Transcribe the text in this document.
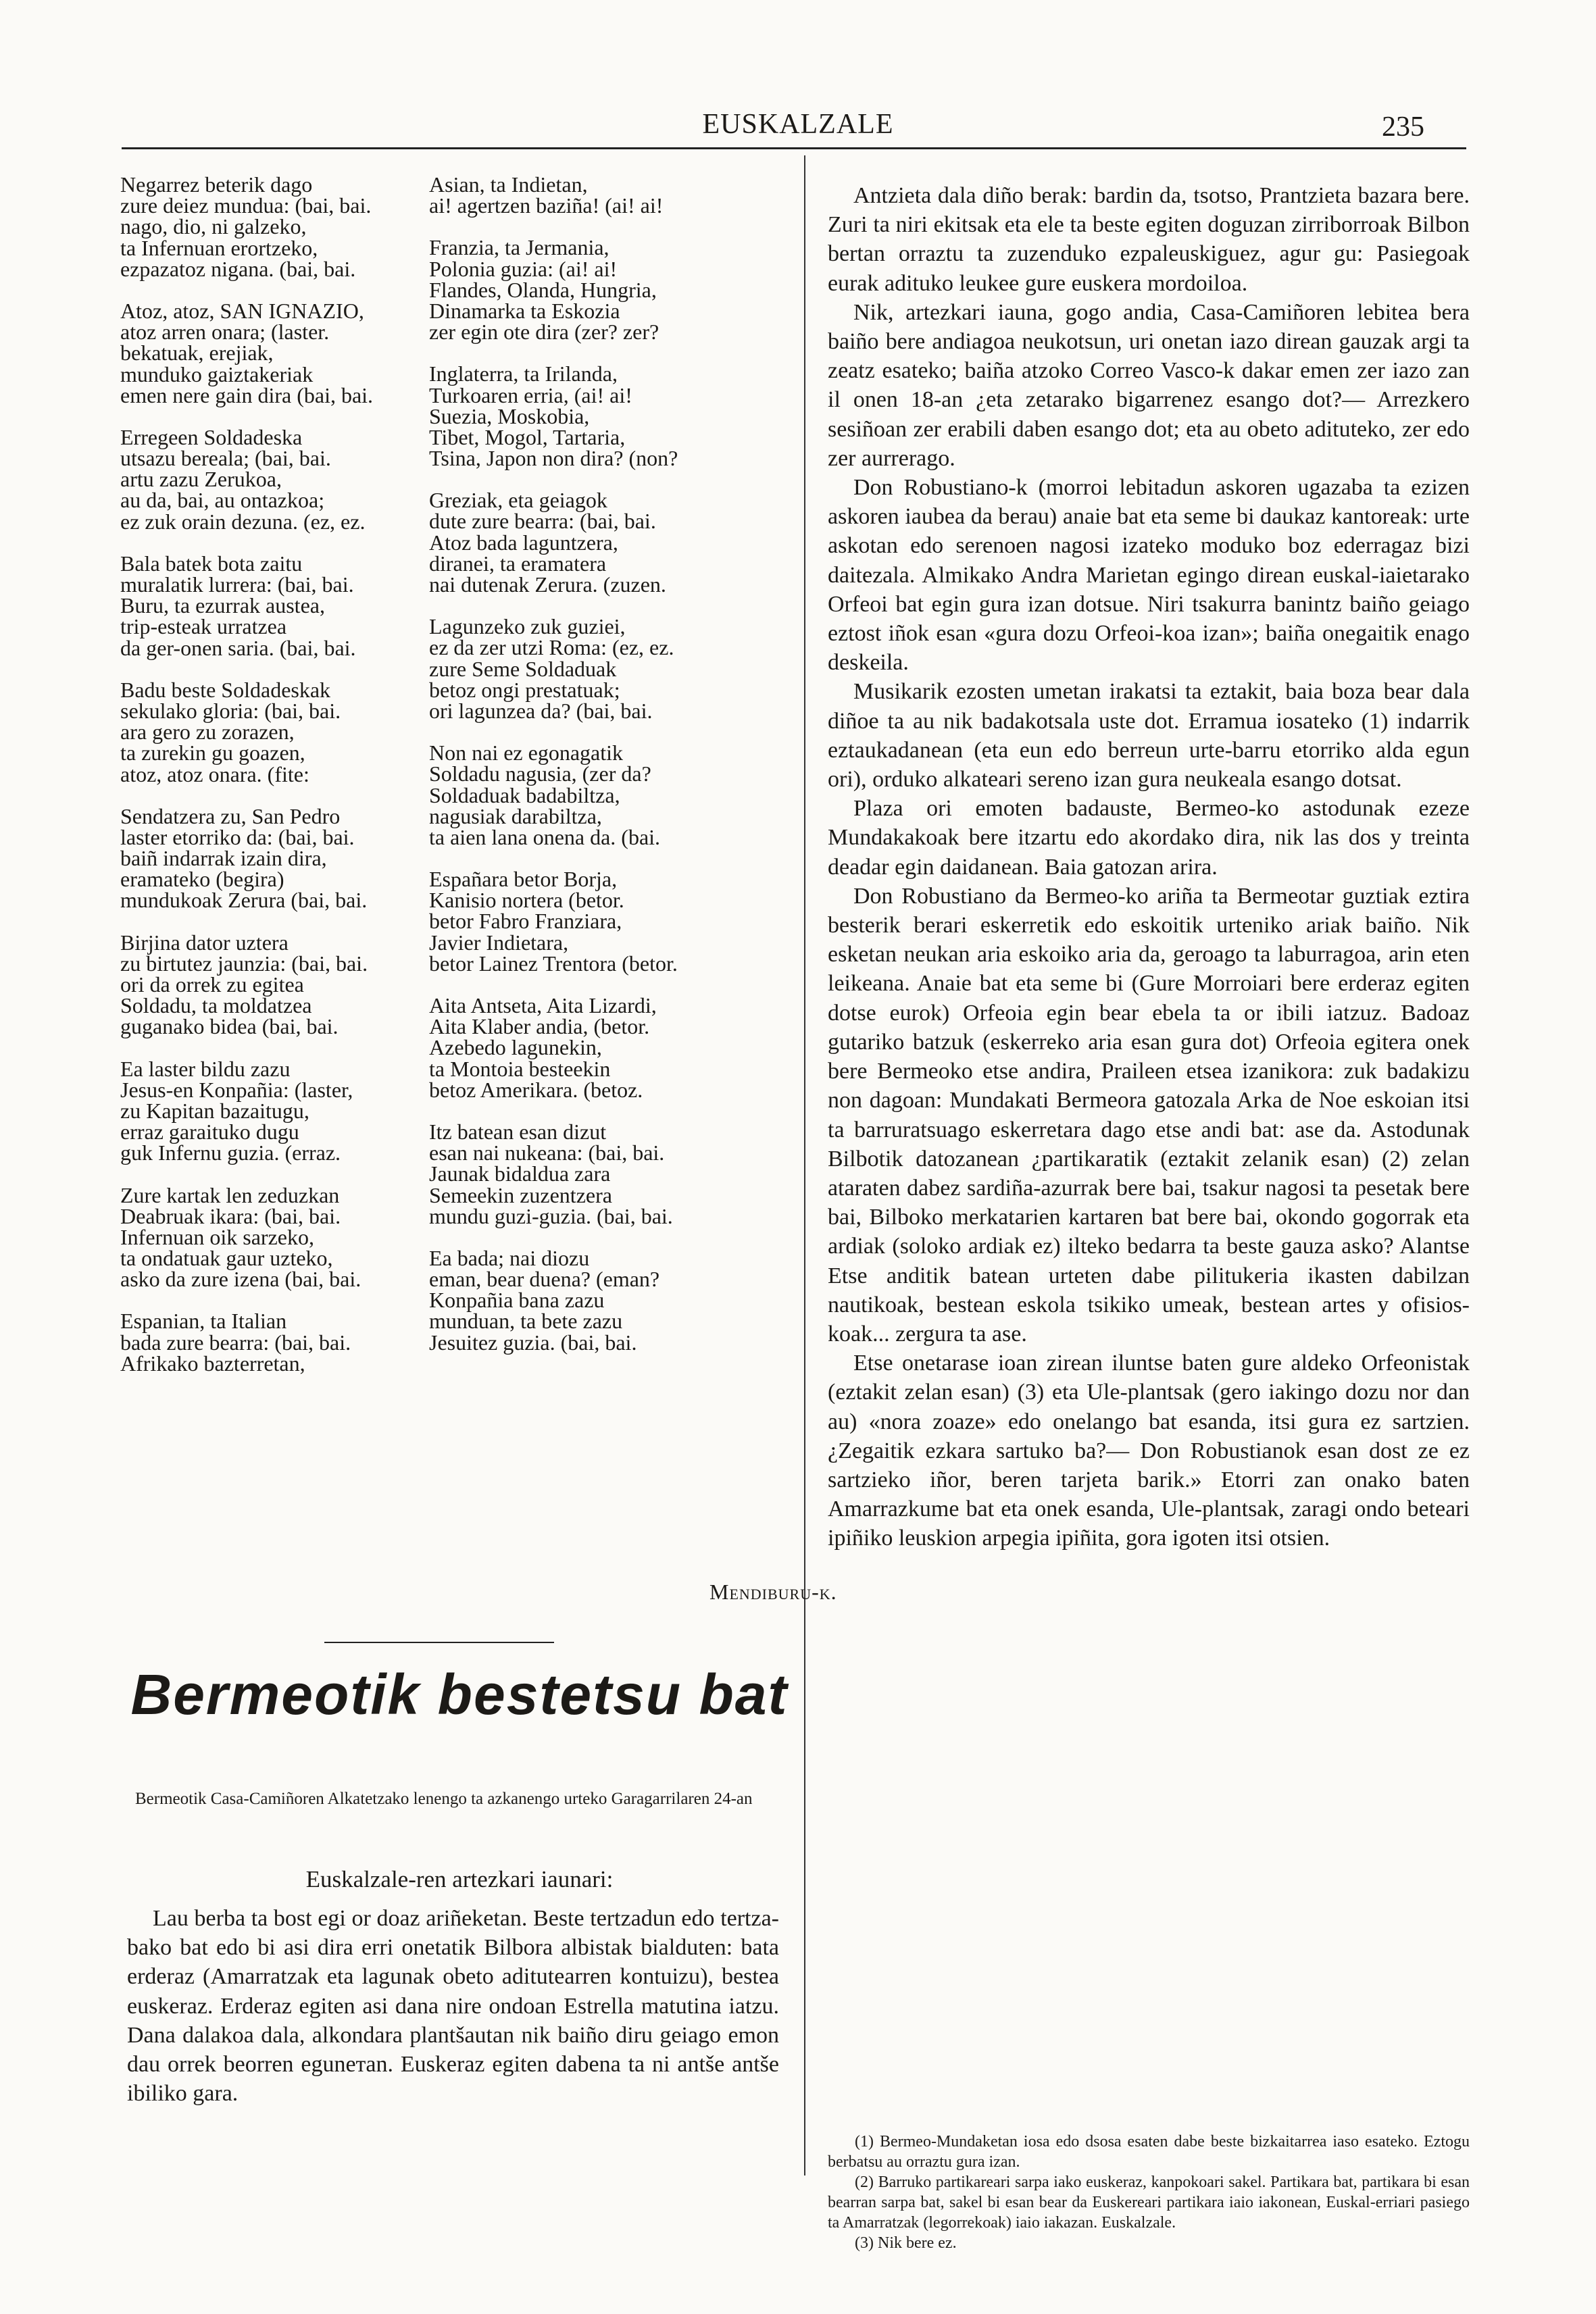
EUSKALZALE	235
Negarrez beterik dago
zure deiez mundua: (bai, bai.
nago, dio, ni galzeko,
ta Infernuan erortzeko,
ezpazatoz nigana. (bai, bai.
Atoz, atoz, SAN IGNAZIO,
atoz arren onara; (laster.
bekatuak, erejiak,
munduko gaiztakeriak
emen nere gain dira (bai, bai.
Erregeen Soldadeska
utsazu bereala; (bai, bai.
artu zazu Zerukoa,
au da, bai, au ontazkoa;
ez zuk orain dezuna. (ez, ez.
Bala batek bota zaitu
muralatik lurrera: (bai, bai.
Buru, ta ezurrak austea,
trip-esteak urratzea
da ger-onen saria. (bai, bai.
Badu beste Soldadeskak
sekulako gloria: (bai, bai.
ara gero zu zorazen,
ta zurekin gu goazen,
atoz, atoz onara. (fite:
Sendatzera zu, San Pedro
laster etorriko da: (bai, bai.
baiñ indarrak izain dira,
eramateko (begira)
mundukoak Zerura (bai, bai.
Birjina dator uztera
zu birtutez jaunzia: (bai, bai.
ori da orrek zu egitea
Soldadu, ta moldatzea
guganako bidea (bai, bai.
Ea laster bildu zazu
Jesus-en Konpañia: (laster,
zu Kapitan bazaitugu,
erraz garaituko dugu
guk Infernu guzia. (erraz.
Zure kartak len zeduzkan
Deabruak ikara: (bai, bai.
Infernuan oik sarzeko,
ta ondatuak gaur uzteko,
asko da zure izena (bai, bai.
Espanian, ta Italian
bada zure bearra: (bai, bai.
Afrikako bazterretan,
Asian, ta Indietan,
ai! agertzen baziña! (ai! ai!
Franzia, ta Jermania,
Polonia guzia: (ai! ai!
Flandes, Olanda, Hungria,
Dinamarka ta Eskozia
zer egin ote dira (zer? zer?
Inglaterra, ta Irilanda,
Turkoaren erria, (ai! ai!
Suezia, Moskobia,
Tibet, Mogol, Tartaria,
Tsina, Japon non dira? (non?
Greziak, eta geiagok
dute zure bearra: (bai, bai.
Atoz bada laguntzera,
diranei, ta eramatera
nai dutenak Zerura. (zuzen.
Lagunzeko zuk guziei,
ez da zer utzi Roma: (ez, ez.
zure Seme Soldaduak
betoz ongi prestatuak;
ori lagunzea da? (bai, bai.
Non nai ez egonagatik
Soldadu nagusia, (zer da?
Soldaduak badabiltza,
nagusiak darabiltza,
ta aien lana onena da. (bai.
Españara betor Borja,
Kanisio nortera (betor.
betor Fabro Franziara,
Javier Indietara,
betor Lainez Trentora (betor.
Aita Antseta, Aita Lizardi,
Aita Klaber andia, (betor.
Azebedo lagunekin,
ta Montoia besteekin
betoz Amerikara. (betoz.
Itz batean esan dizut
esan nai nukeana: (bai, bai.
Jaunak bidaldua zara
Semeekin zuzentzera
mundu guzi-guzia. (bai, bai.
Ea bada; nai diozu
eman, bear duena? (eman?
Konpañia bana zazu
munduan, ta bete zazu
Jesuitez guzia. (bai, bai.
Mendiburu-k.
Bermeotik bestetsu bat
Bermeotik Casa-Camiñoren Alkatetzako lenengo ta azkanengo urteko Garagarrilaren 24-an
Euskalzale-ren artezkari iaunari:

Lau berba ta bost egi or doaz ariñeketan. Beste tertzadun edo tertza-bako bat edo bi asi dira erri onetatik Bilbora albistak bialduten: bata erderaz (Amarratzak eta lagunak obeto aditutearren kontuizu), bestea euskeraz. Erderaz egiten asi dana nire ondoan Estrella matutina iatzu. Dana dalakoa dala, alkondara plantšautan nik baiño diru geiago emon dau orrek beorren eguneтan. Euskeraz egiten dabena ta ni antše antše ibiliko gara.

Antzieta dala diño berak: bardin da, tsotso, Prantzieta bazara bere. Zuri ta niri ekitsak eta ele ta beste egiten doguzan zirriborroak Bilbon bertan orraztu ta zuzenduko ezpaleuskiguez, agur gu: Pasiegoak eurak adituko leukee gure euskera mordoiloa.

Nik, artezkari iauna, gogo andia, Casa-Camiñoren lebitea bera baiño bere andiagoa neukotsun, uri onetan iazo direan gauzak argi ta zeatz esateko; baiña atzoko Correo Vasco-k dakar emen zer iazo zan il onen 18-an ¿eta zetarako bigarrenez esango dot?— Arrezkero sesiñoan zer erabili daben esango dot; eta au obeto adituteko, zer edo zer aurrerago.

Don Robustiano-k (morroi lebitadun askoren ugazaba ta ezizen askoren iaubea da berau) anaie bat eta seme bi daukaz kantoreak: urte askotan edo serenoen nagosi izateko moduko boz ederragaz bizi daitezala. Almikako Andra Marietan egingo direan euskal-iaietarako Orfeoi bat egin gura izan dotsue. Niri tsakurra banintz baiño geiago eztost iñok esan «gura dozu Orfeoi-koa izan»; baiña onegaitik enago deskeila.

Musikarik ezosten umetan irakatsi ta eztakit, baia boza bear dala diñoe ta au nik badakotsala uste dot. Erramua iosateko (1) indarrik eztaukadanean (eta eun edo berreun urte-barru etorriko alda egun ori), orduko alkateari sereno izan gura neukeala esango dotsat.

Plaza ori emoten badauste, Bermeo-ko astodunak ezeze Mundakakoak bere itzartu edo akordako dira, nik las dos y treinta deadar egin daidanean. Baia gatozan arira.

Don Robustiano da Bermeo-ko ariña ta Bermeotar guztiak eztira besterik berari eskerretik edo eskoitik urteniko ariak baiño. Nik esketan neukan aria eskoiko aria da, geroago ta laburragoa, arin eten leikeana. Anaie bat eta seme bi (Gure Morroiari bere erderaz egiten dotse eurok) Orfeoia egin bear ebela ta or ibili iatzuz. Badoaz gutariko batzuk (eskerreko aria esan gura dot) Orfeoia egitera onek bere Bermeoko etse andira, Praileen etsea izanikora: zuk badakizu non dagoan: Mundakati Bermeora gatozala Arka de Noe eskoian itsi ta barruratsuago eskerretara dago etse andi bat: ase da. Astodunak Bilbotik datozanean ¿partikaratik (eztakit zelanik esan) (2) zelan ataraten dabez sardiña-azurrak bere bai, tsakur nagosi ta pesetak bere bai, Bilboko merkatarien kartaren bat bere bai, okondo gogorrak eta ardiak (soloko ardiak ez) ilteko bedarra ta beste gauza asko? Alantse Etse anditik batean urteten dabe pilitukeria ikasten dabilzan nautikoak, bestean eskola tsikiko umeak, bestean artes y ofisios-koak... zergura ta ase.

Etse onetarase ioan zirean iluntsе baten gure aldeko Orfeonistak (eztakit zelan esan) (3) eta Ule-plantsak (gero iakingo dozu nor dan au) «nora zoaze» edo onelango bat esanda, itsi gura ez sartzien. ¿Zegaitik ezkara sartuko ba?— Don Robustianok esan dost ze ez sartzieko iñor, beren tarjeta barik.» Etorri zan onako baten Amarrazkume bat eta onek esanda, Ule-plantsak, zaragi ondo beteari ipiñiko leuskion arpegia ipiñita, gora igoten itsi otsien.

(1) Bermeo-Mundaketan iosa edo dsosa esaten dabe beste bizkaitarrea iaso esateko. Eztogu berbatsu au orraztu gura izan.

(2) Barruko partikareari sarpa iako euskeraz, kanpokoari sakel. Partikara bat, partikara bi esan bearran sarpa bat, sakel bi esan bear da Euskereari partikara iaio iakonean, Euskal-erriari pasiego ta Amarratzak (legorrekoak) iaio iakazan. Euskalzale.

(3) Nik bere ez.
